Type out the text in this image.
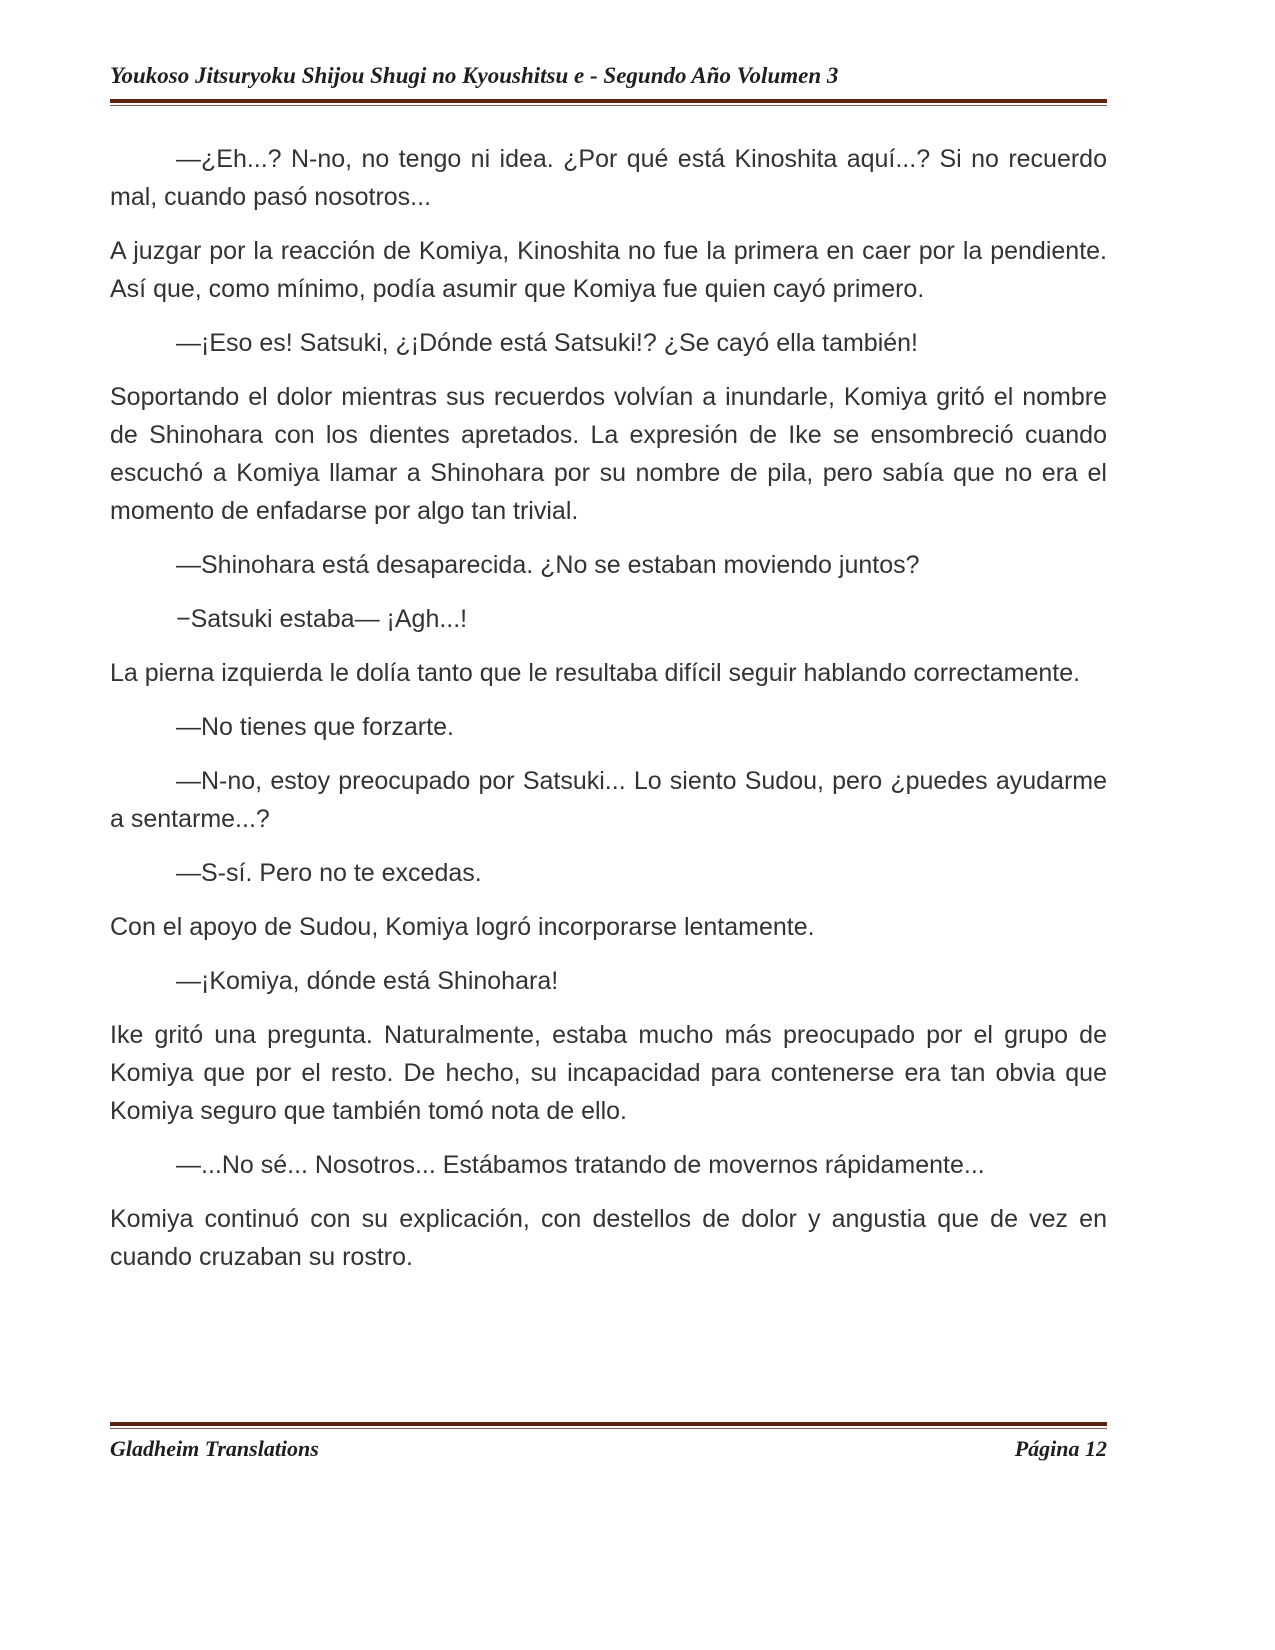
Youkoso Jitsuryoku Shijou Shugi no Kyoushitsu e - Segundo Año Volumen 3

—¿Eh...? N-no, no tengo ni idea. ¿Por qué está Kinoshita aquí...? Si no recuerdo mal, cuando pasó nosotros...

A juzgar por la reacción de Komiya, Kinoshita no fue la primera en caer por la pendiente. Así que, como mínimo, podía asumir que Komiya fue quien cayó primero.

—¡Eso es! Satsuki, ¿¡Dónde está Satsuki!? ¿Se cayó ella también!

Soportando el dolor mientras sus recuerdos volvían a inundarle, Komiya gritó el nombre de Shinohara con los dientes apretados. La expresión de Ike se ensombreció cuando escuchó a Komiya llamar a Shinohara por su nombre de pila, pero sabía que no era el momento de enfadarse por algo tan trivial.

—Shinohara está desaparecida. ¿No se estaban moviendo juntos?

−Satsuki estaba― ¡Agh...!

La pierna izquierda le dolía tanto que le resultaba difícil seguir hablando correctamente.

—No tienes que forzarte.

—N-no, estoy preocupado por Satsuki... Lo siento Sudou, pero ¿puedes ayudarme a sentarme...?

—S-sí. Pero no te excedas.

Con el apoyo de Sudou, Komiya logró incorporarse lentamente.

—¡Komiya, dónde está Shinohara!

Ike gritó una pregunta. Naturalmente, estaba mucho más preocupado por el grupo de Komiya que por el resto. De hecho, su incapacidad para contenerse era tan obvia que Komiya seguro que también tomó nota de ello.

—...No sé... Nosotros... Estábamos tratando de movernos rápidamente...

Komiya continuó con su explicación, con destellos de dolor y angustia que de vez en cuando cruzaban su rostro.

Gladheim Translations	Página 12
